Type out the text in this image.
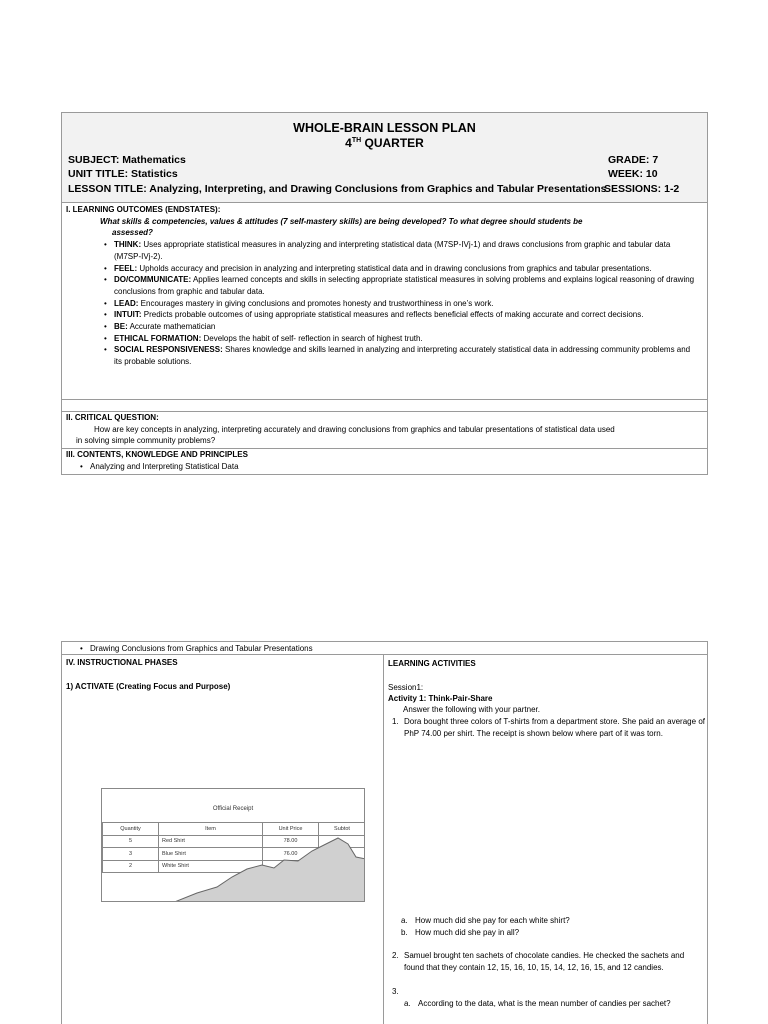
WHOLE-BRAIN LESSON PLAN
4TH QUARTER
SUBJECT: Mathematics	GRADE: 7
UNIT TITLE: Statistics	WEEK: 10
LESSON TITLE: Analyzing, Interpreting, and Drawing Conclusions from Graphics and Tabular Presentations
SESSIONS: 1-2
I. LEARNING OUTCOMES (ENDSTATES):
What skills & competencies, values & attitudes (7 self-mastery skills) are being developed? To what degree should students be
assessed?
• THINK: Uses appropriate statistical measures in analyzing and interpreting statistical data (M7SP-IVj-1) and draws conclusions from graphic and tabular data (M7SP-IVj-2).
• FEEL: Upholds accuracy and precision in analyzing and interpreting statistical data and in drawing conclusions from graphics and tabular presentations.
• DO/COMMUNICATE: Applies learned concepts and skills in selecting appropriate statistical measures in solving problems and explains logical reasoning of drawing conclusions from graphic and tabular data.
• LEAD: Encourages mastery in giving conclusions and promotes honesty and trustworthiness in one’s work.
• INTUIT: Predicts probable outcomes of using appropriate statistical measures and reflects beneficial effects of making accurate and correct decisions.
• BE: Accurate mathematician
• ETHICAL FORMATION: Develops the habit of self- reflection in search of highest truth.
• SOCIAL RESPONSIVENESS: Shares knowledge and skills learned in analyzing and interpreting accurately statistical data in addressing community problems and its probable solutions.
II. CRITICAL QUESTION:
How are key concepts in analyzing, interpreting accurately and drawing conclusions from graphics and tabular presentations of statistical data used
in solving simple community problems?
III. CONTENTS, KNOWLEDGE AND PRINCIPLES
• Analyzing and Interpreting Statistical Data
• Drawing Conclusions from Graphics and Tabular Presentations
IV. INSTRUCTIONAL PHASES
1) ACTIVATE (Creating Focus and Purpose)
Official Receipt
Quantity	Item	Unit Price	Subtot
5	Red Shirt	78.00	
3	Blue Shirt	76.00	
2	White Shirt		
LEARNING ACTIVITIES
Session1:
Activity 1: Think-Pair-Share
Answer the following with your partner.
1. Dora bought three colors of T-shirts from a department store. She paid an average of PhP 74.00 per shirt. The receipt is shown below where part of it was torn.
a. How much did she pay for each white shirt?
b. How much did she pay in all?
2. Samuel brought ten sachets of chocolate candies. He checked the sachets and found that they contain 12, 15, 16, 10, 15, 14, 12, 16, 15, and 12 candies.
3.
a. According to the data, what is the mean number of candies per sachet?
